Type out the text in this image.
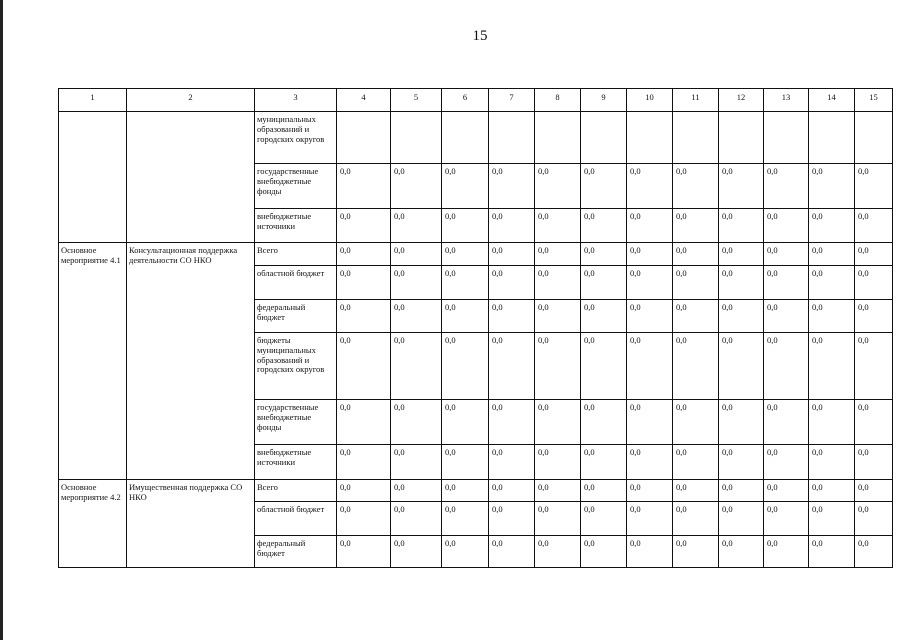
15
1	2	3	4	5	6	7	8	9	10	11	12	13	14	15
		муниципальных образований и городских округов												
		государственные внебюджетные фонды	0,0	0,0	0,0	0,0	0,0	0,0	0,0	0,0	0,0	0,0	0,0	0,0
		внебюджетные источники	0,0	0,0	0,0	0,0	0,0	0,0	0,0	0,0	0,0	0,0	0,0	0,0
Основное мероприятие 4.1	Консультационная поддержка деятельности СО НКО	Всего	0,0	0,0	0,0	0,0	0,0	0,0	0,0	0,0	0,0	0,0	0,0	0,0
		областной бюджет	0,0	0,0	0,0	0,0	0,0	0,0	0,0	0,0	0,0	0,0	0,0	0,0
		федеральный бюджет	0,0	0,0	0,0	0,0	0,0	0,0	0,0	0,0	0,0	0,0	0,0	0,0
		бюджеты муниципальных образований и городских округов	0,0	0,0	0,0	0,0	0,0	0,0	0,0	0,0	0,0	0,0	0,0	0,0
		государственные внебюджетные фонды	0,0	0,0	0,0	0,0	0,0	0,0	0,0	0,0	0,0	0,0	0,0	0,0
		внебюджетные источники	0,0	0,0	0,0	0,0	0,0	0,0	0,0	0,0	0,0	0,0	0,0	0,0
Основное мероприятие 4.2	Имущественная поддержка СО НКО	Всего	0,0	0,0	0,0	0,0	0,0	0,0	0,0	0,0	0,0	0,0	0,0	0,0
		областной бюджет	0,0	0,0	0,0	0,0	0,0	0,0	0,0	0,0	0,0	0,0	0,0	0,0
		федеральный бюджет	0,0	0,0	0,0	0,0	0,0	0,0	0,0	0,0	0,0	0,0	0,0	0,0
